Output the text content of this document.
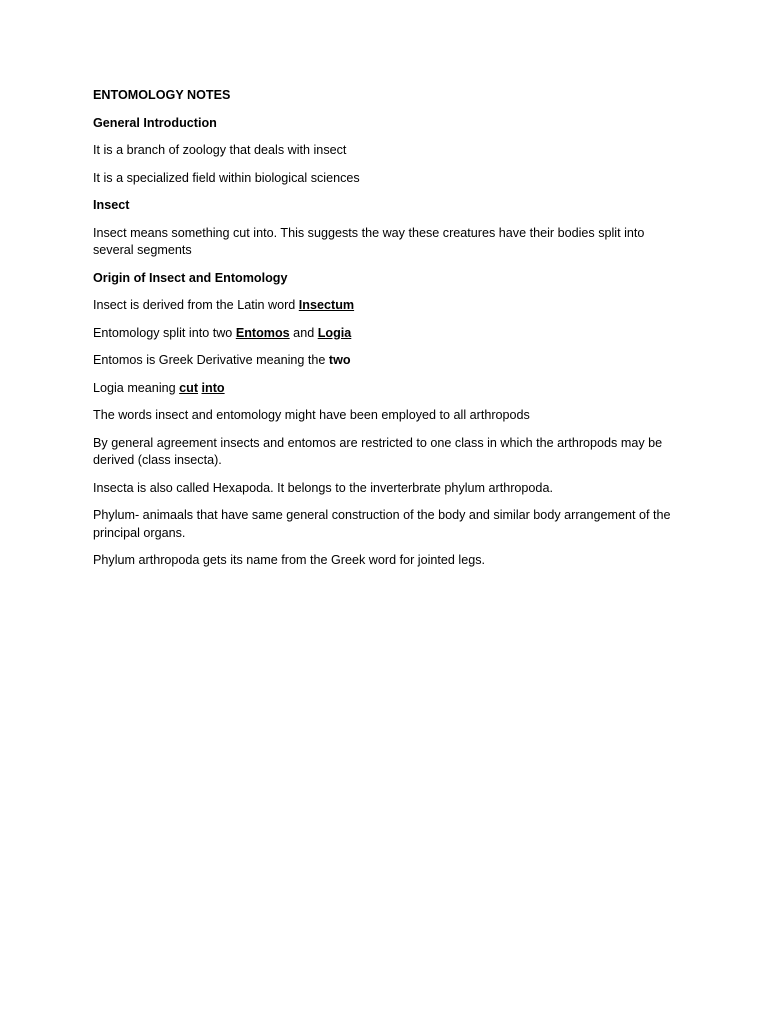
ENTOMOLOGY NOTES

General Introduction

It is a branch of zoology that deals with insect

It is a specialized field within biological sciences

Insect

Insect means something cut into. This suggests the way these creatures have their bodies split into several segments

Origin of Insect and Entomology

Insect is derived from the Latin word Insectum

Entomology split into two Entomos and Logia

Entomos is Greek Derivative meaning the two

Logia meaning cut into

The words insect and entomology might have been employed to all arthropods

By general agreement insects and entomos are restricted to one class in which the arthropods may be derived (class insecta).

Insecta is also called Hexapoda. It belongs to the inverterbrate phylum arthropoda.

Phylum- animaals that have same general construction of the body and similar body arrangement of the principal organs.

Phylum arthropoda gets its name from the Greek word for jointed legs.
